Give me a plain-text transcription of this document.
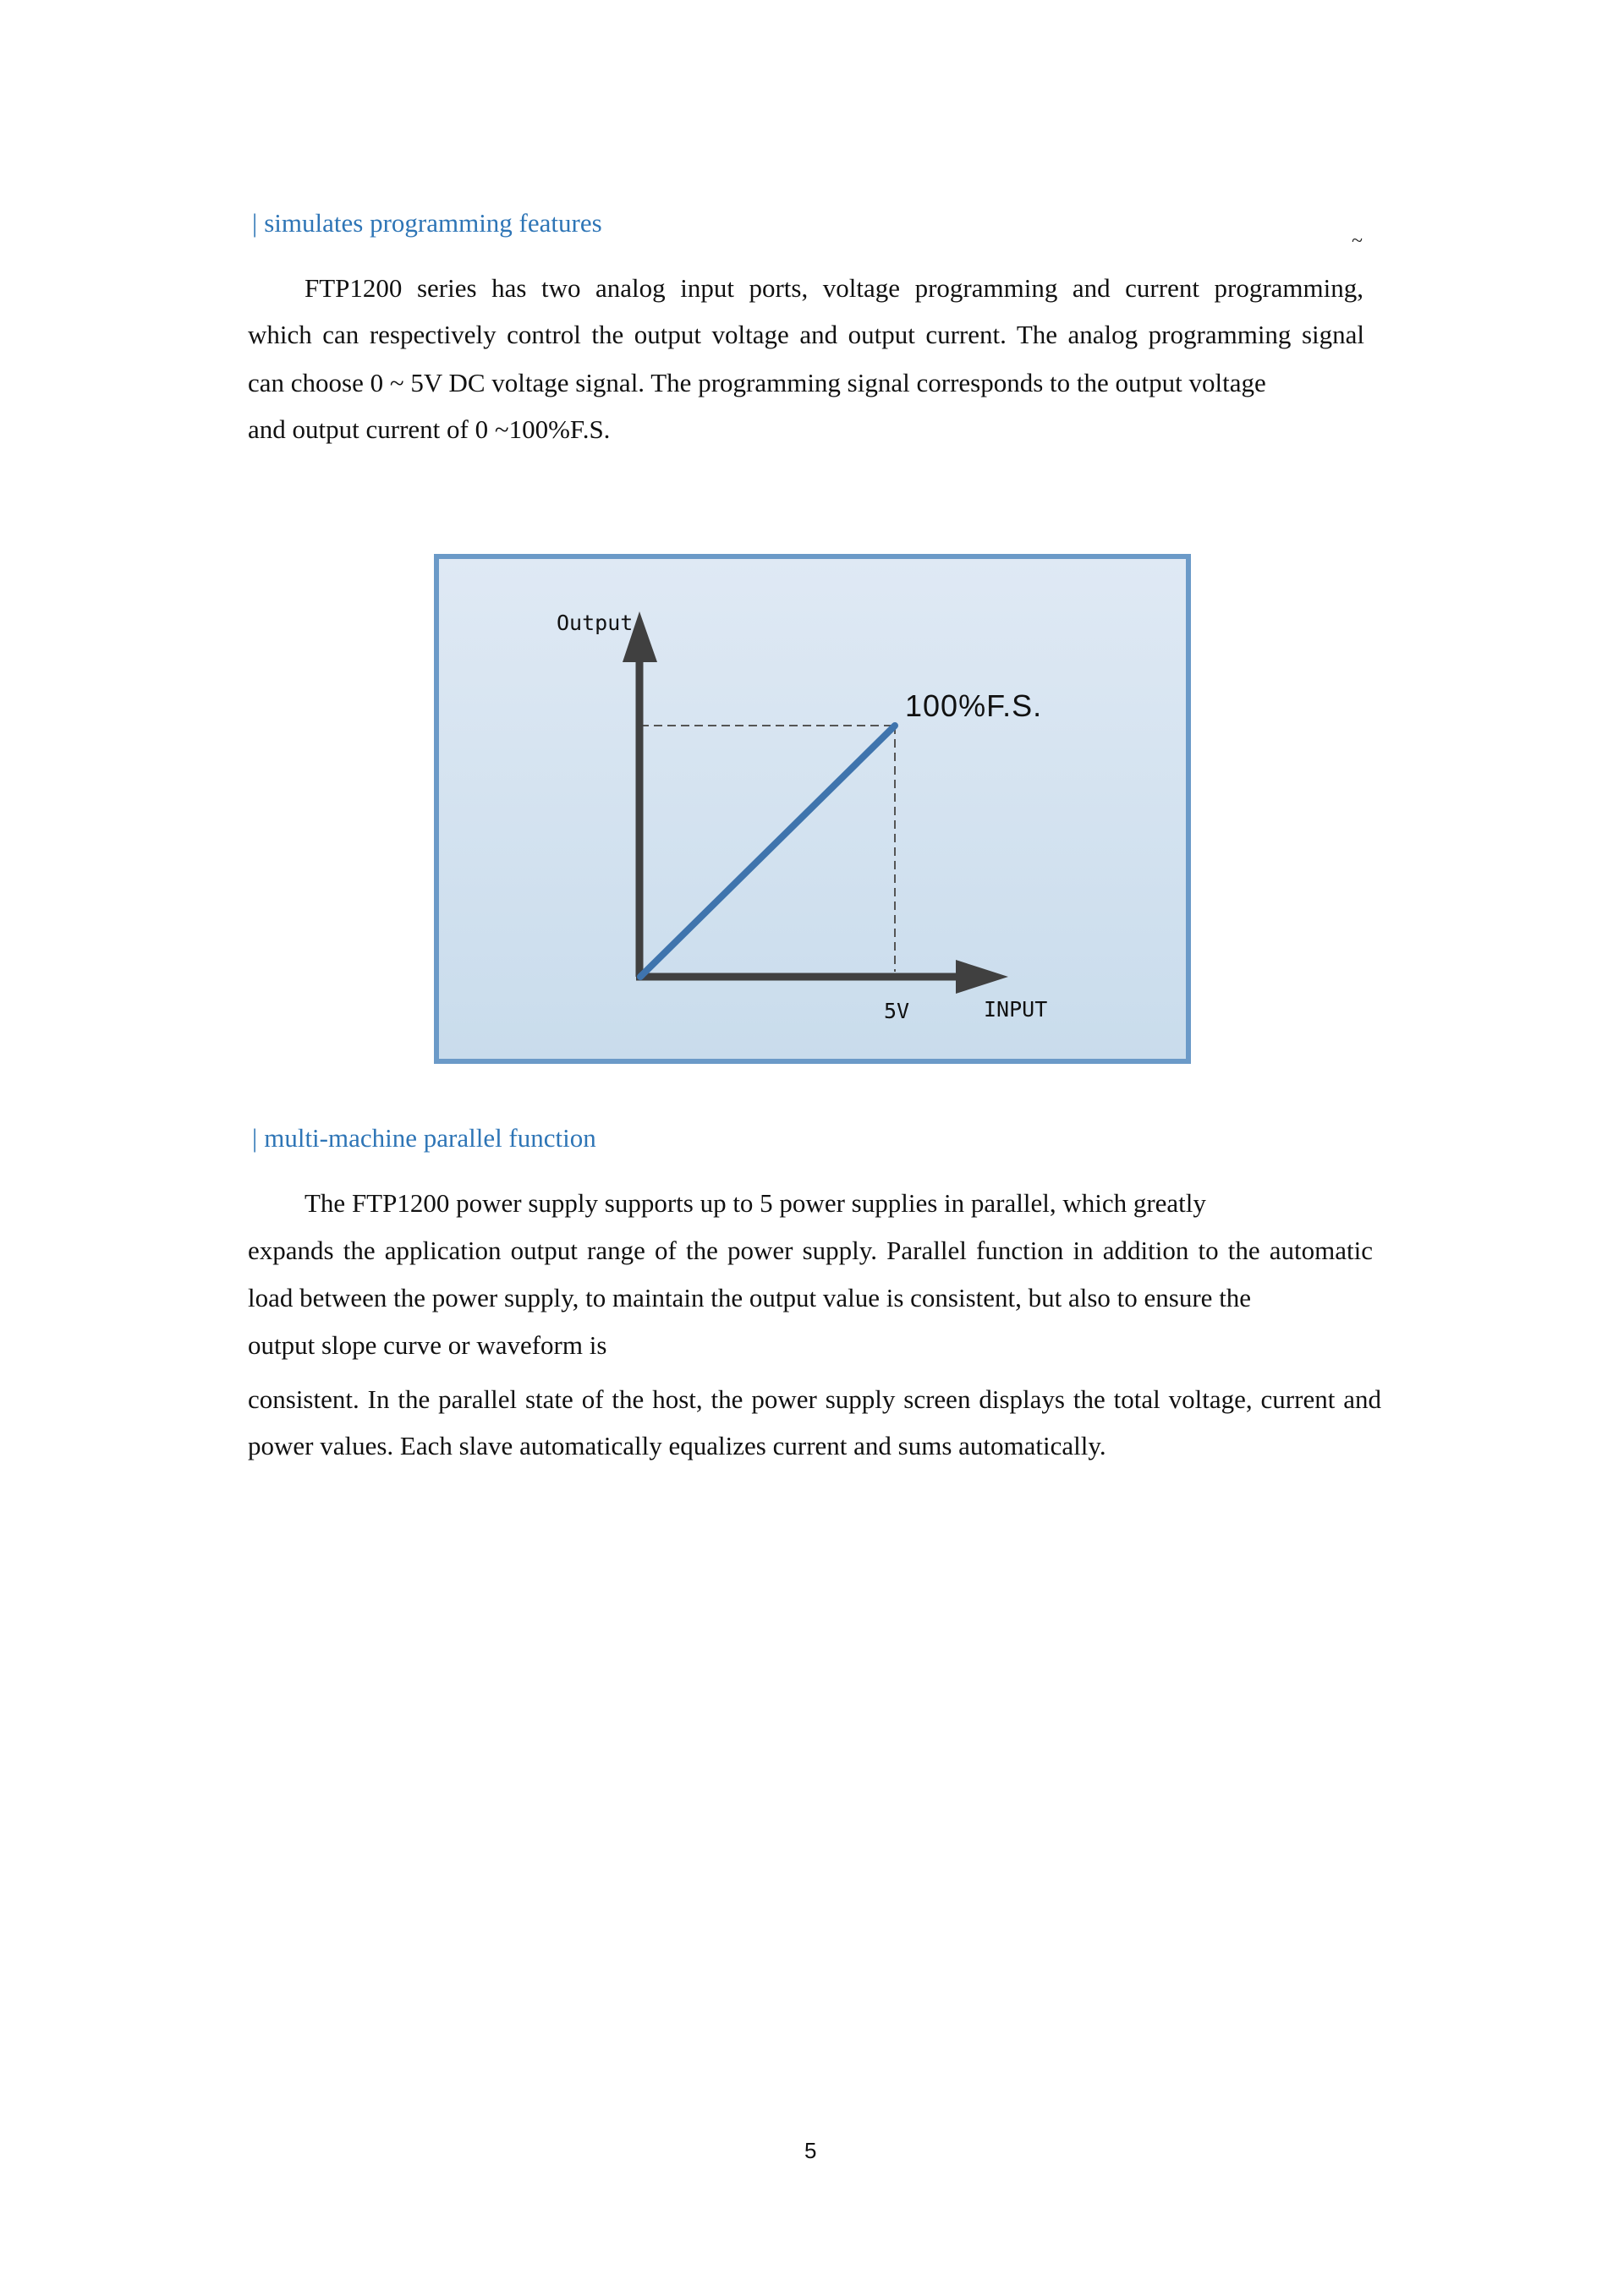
| simulates programming features
~
FTP1200 series has two analog input ports, voltage programming and current programming,
which can respectively control the output voltage and output current. The analog programming signal
can choose 0 ~ 5V DC voltage signal. The programming signal corresponds to the output voltage
and output current of 0 ~100%F.S.
Output
100%F.S.
5V	INPUT
| multi-machine parallel function
The FTP1200 power supply supports up to 5 power supplies in parallel, which greatly
expands the application output range of the power supply. Parallel function in addition to the automatic
load between the power supply, to maintain the output value is consistent, but also to ensure the
output slope curve or waveform is
consistent. In the parallel state of the host, the power supply screen displays the total voltage, current and
power values. Each slave automatically equalizes current and sums automatically.
5
